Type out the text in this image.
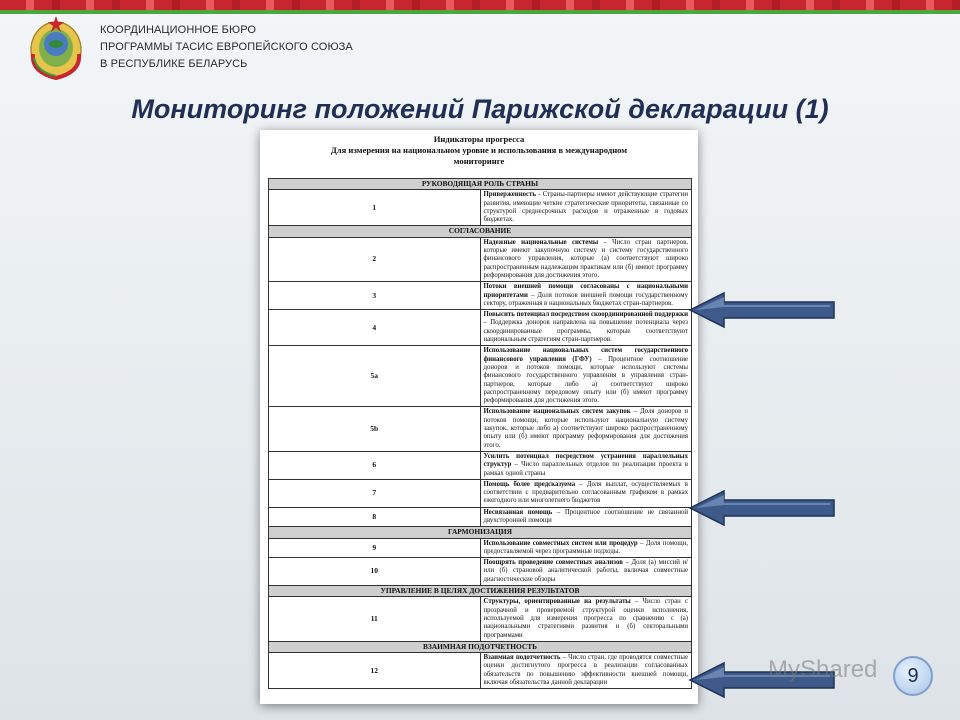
КООРДИНАЦИОННОЕ БЮРО
ПРОГРАММЫ ТАСИС ЕВРОПЕЙСКОГО СОЮЗА
В РЕСПУБЛИКЕ БЕЛАРУСЬ
Мониторинг положений Парижской декларации (1)
Индикаторы прогресса
Для измерения на национальном уровне и использования в международном
мониторинге
РУКОВОДЯЩАЯ РОЛЬ СТРАНЫ	
1	Приверженность - Страны-партнеры имеют действующие стратегии развития, имеющие четкие стратегические приоритеты, связанные со структурой среднесрочных расходов и отраженные в годовых бюджетах.
СОГЛАСОВАНИЕ	
2	Надежные национальные системы – Число стран партнеров, которые имеют закупочную систему и систему государственного финансового управления, которые (а) соответствуют широко распространенным надлежащим практикам или (б) имеют программу реформирования для достижения этого.
3	Потоки внешней помощи согласованы с национальными приоритетами – Доля потоков внешней помощи государственному сектору, отраженная в национальных бюджетах стран-партнеров.
4	Повысить потенциал посредством скоординированной поддержки – Поддержка доноров направлена на повышение потенциала через скоординированные программы, которые соответствуют национальным стратегиям стран-партнеров.
5a	Использование национальных систем государственного финансового управления (ГФУ) – Процентное соотношение доноров и потоков помощи, которые используют системы финансового государственного управления в управления стран-партнеров, которые либо а) соответствуют широко распространенному передовому опыту или (б) имеют программу реформирования для достижения этого.
5b	Использование национальных систем закупок – Доля доноров и потоков помощи, которые используют национальную систему закупок, которые либо а) соответствуют широко распространенному опыту или (б) имеют программу реформирования для достижения этого.
6	Усилить потенциал посредством устранения параллельных структур – Число параллельных отделов по реализации проекта в рамках одной страны
7	Помощь более предсказуема – Доля выплат, осуществляемых в соответствии с предварительно согласованным графиком в рамках ежегодного или многолетнего бюджетов
8	Несвязанная помощь – Процентное соотношение не связанной двухсторонней помощи
ГАРМОНИЗАЦИЯ	
9	Использование совместных систем или процедур – Доля помощи, предоставляемой через программные подходы.
10	Поощрять проведение совместных анализов – Доля (а) миссий и/или (б) страновой аналитической работы, включая совместные диагностические обзоры
УПРАВЛЕНИЕ В ЦЕЛЯХ ДОСТИЖЕНИЯ РЕЗУЛЬТАТОВ	
11	Структуры, ориентированные на результаты – Число стран с прозрачной и проверяемой структурой оценки исполнения, используемой для измерения прогресса по сравнению с (а) национальными стратегиями развития и (б) секторальными программами
ВЗАИМНАЯ ПОДОТЧЕТНОСТЬ	
12	Взаимная подотчетность – Число стран, где проводятся совместные оценки достигнутого прогресса в реализации согласованных обязательств по повышению эффективности внешней помощи, включая обязательства данной декларации	MyShared	9
